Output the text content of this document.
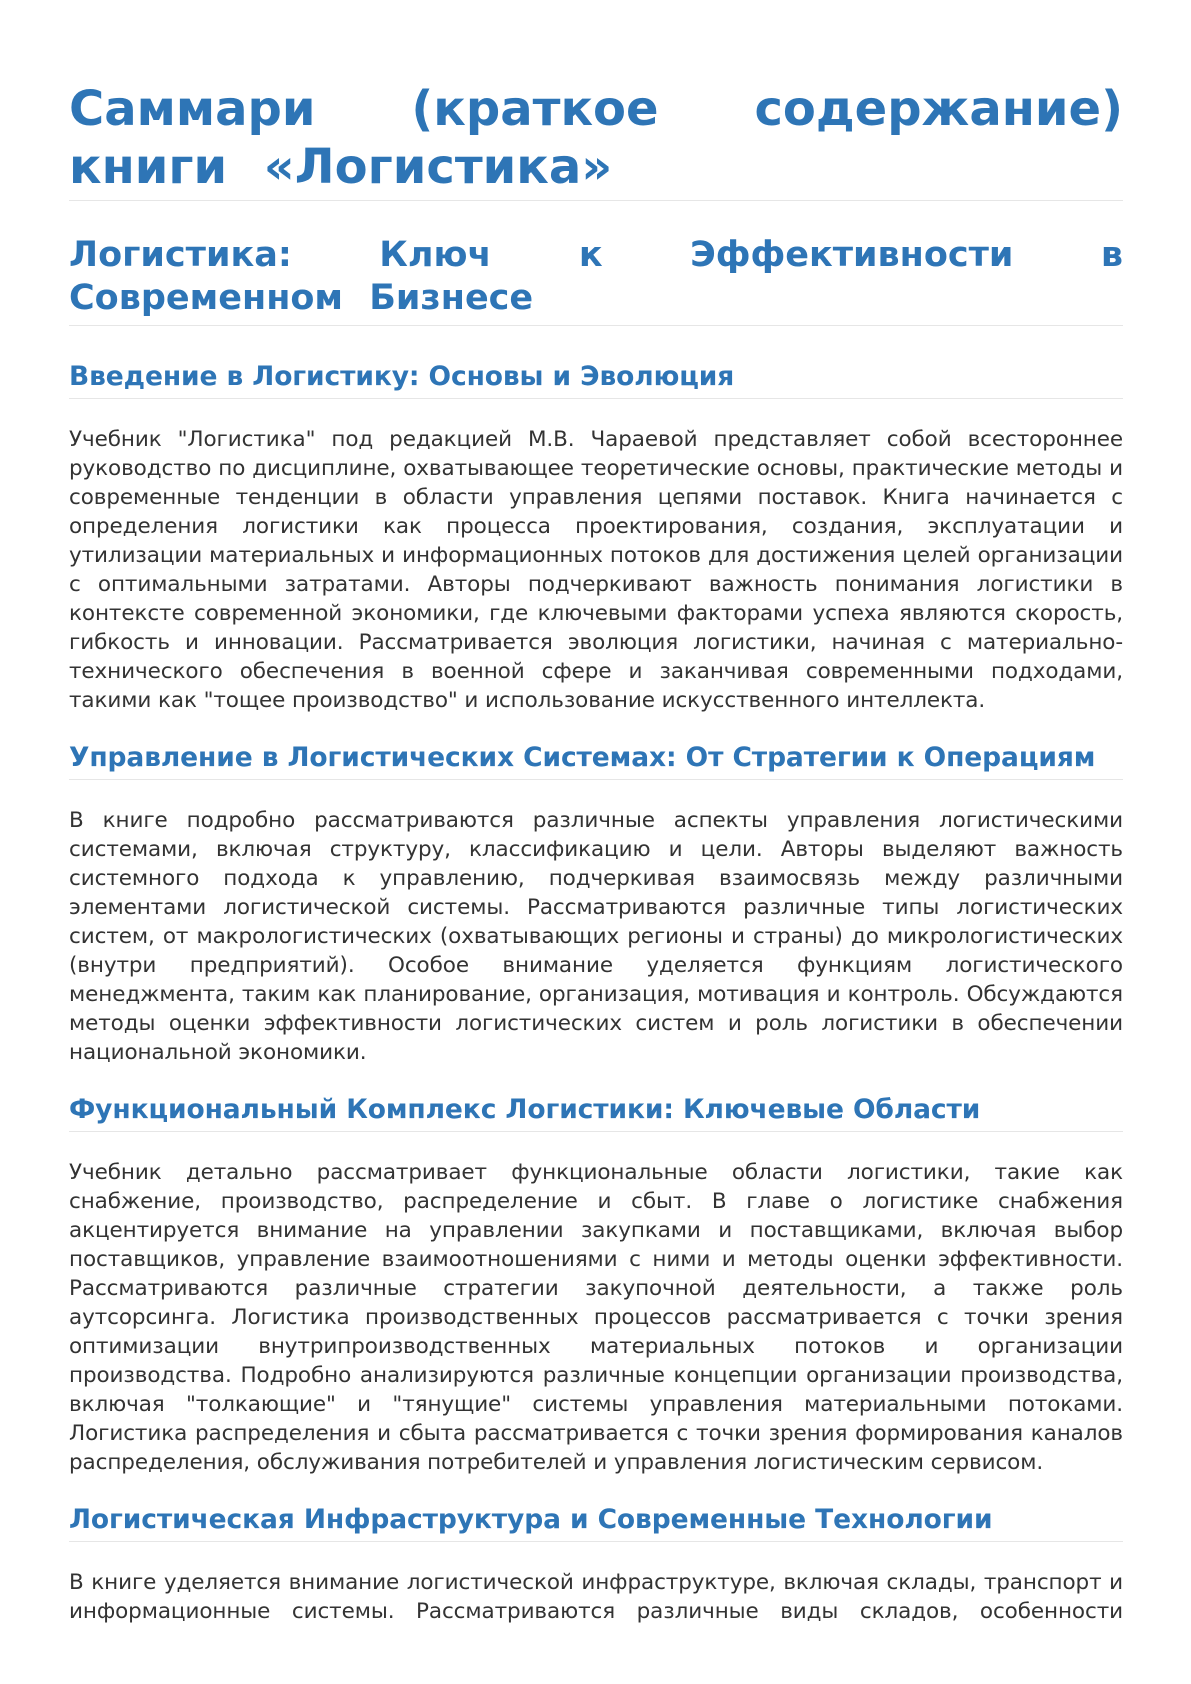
Саммари (краткое содержание) книги «Логистика»
Логистика: Ключ к Эффективности в Современном Бизнесе
Введение в Логистику: Основы и Эволюция

Учебник "Логистика" под редакцией М.В. Чараевой представляет собой всестороннее руководство по дисциплине, охватывающее теоретические основы, практические методы и современные тенденции в области управления цепями поставок. Книга начинается с определения логистики как процесса проектирования, создания, эксплуатации и утилизации материальных и информационных потоков для достижения целей организации с оптимальными затратами. Авторы подчеркивают важность понимания логистики в контексте современной экономики, где ключевыми факторами успеха являются скорость, гибкость и инновации. Рассматривается эволюция логистики, начиная с материально-технического обеспечения в военной сфере и заканчивая современными подходами, такими как "тощее производство" и использование искусственного интеллекта.

Управление в Логистических Системах: От Стратегии к Операциям

В книге подробно рассматриваются различные аспекты управления логистическими системами, включая структуру, классификацию и цели. Авторы выделяют важность системного подхода к управлению, подчеркивая взаимосвязь между различными элементами логистической системы. Рассматриваются различные типы логистических систем, от макрологистических (охватывающих регионы и страны) до микрологистических (внутри предприятий). Особое внимание уделяется функциям логистического менеджмента, таким как планирование, организация, мотивация и контроль. Обсуждаются методы оценки эффективности логистических систем и роль логистики в обеспечении национальной экономики.

Функциональный Комплекс Логистики: Ключевые Области

Учебник детально рассматривает функциональные области логистики, такие как снабжение, производство, распределение и сбыт. В главе о логистике снабжения акцентируется внимание на управлении закупками и поставщиками, включая выбор поставщиков, управление взаимоотношениями с ними и методы оценки эффективности. Рассматриваются различные стратегии закупочной деятельности, а также роль аутсорсинга. Логистика производственных процессов рассматривается с точки зрения оптимизации внутрипроизводственных материальных потоков и организации производства. Подробно анализируются различные концепции организации производства, включая "толкающие" и "тянущие" системы управления материальными потоками. Логистика распределения и сбыта рассматривается с точки зрения формирования каналов распределения, обслуживания потребителей и управления логистическим сервисом.

Логистическая Инфраструктура и Современные Технологии

В книге уделяется внимание логистической инфраструктуре, включая склады, транспорт и информационные системы. Рассматриваются различные виды складов, особенности
